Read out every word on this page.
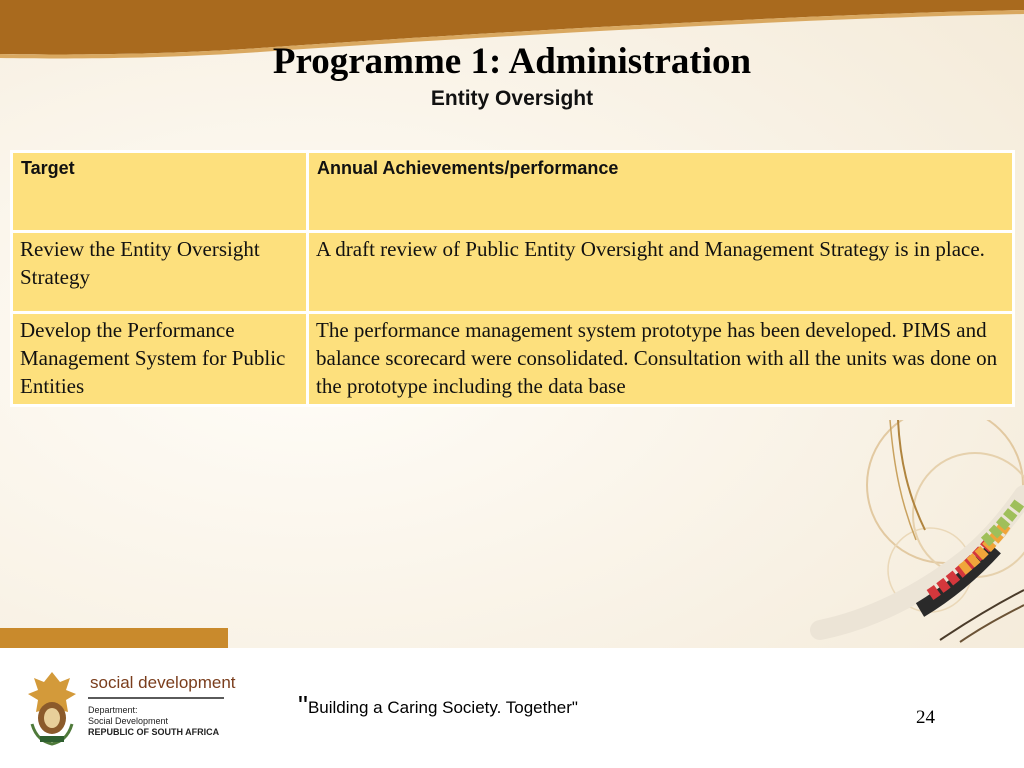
Programme 1: Administration
Entity Oversight
Target	Annual Achievements/performance
Review the Entity Oversight Strategy	A draft review of Public Entity Oversight and Management Strategy is in place.
Develop the Performance Management System for Public Entities	The performance management system prototype has been developed. PIMS and balance scorecard were consolidated. Consultation with all the units was done on the prototype including the data base
social development
Department:
Social Development
REPUBLIC OF SOUTH AFRICA
"Building a Caring Society. Together"	24
